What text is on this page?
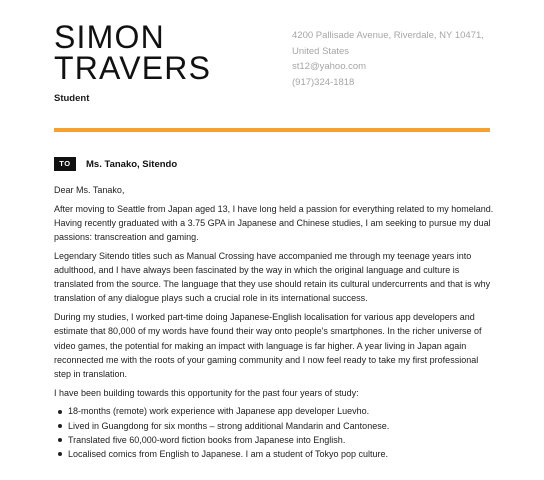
SIMON
TRAVERS
Student
4200 Pallisade Avenue, Riverdale, NY 10471,
United States
st12@yahoo.com
(917)324-1818
TO	Ms. Tanako, Sitendo

Dear Ms. Tanako,

After moving to Seattle from Japan aged 13, I have long held a passion for everything related to my homeland. Having recently graduated with a 3.75 GPA in Japanese and Chinese studies, I am seeking to pursue my dual passions: transcreation and gaming.

Legendary Sitendo titles such as Manual Crossing have accompanied me through my teenage years into adulthood, and I have always been fascinated by the way in which the original language and culture is translated from the source. The language that they use should retain its cultural undercurrents and that is why translation of any dialogue plays such a crucial role in its international success.

During my studies, I worked part-time doing Japanese-English localisation for various app developers and estimate that 80,000 of my words have found their way onto people's smartphones. In the richer universe of video games, the potential for making an impact with language is far higher. A year living in Japan again reconnected me with the roots of your gaming community and I now feel ready to take my first professional step in translation.

I have been building towards this opportunity for the past four years of study:

18-months (remote) work experience with Japanese app developer Luevho.
Lived in Guangdong for six months – strong additional Mandarin and Cantonese.
Translated five 60,000-word fiction books from Japanese into English.
Localised comics from English to Japanese. I am a student of Tokyo pop culture.
